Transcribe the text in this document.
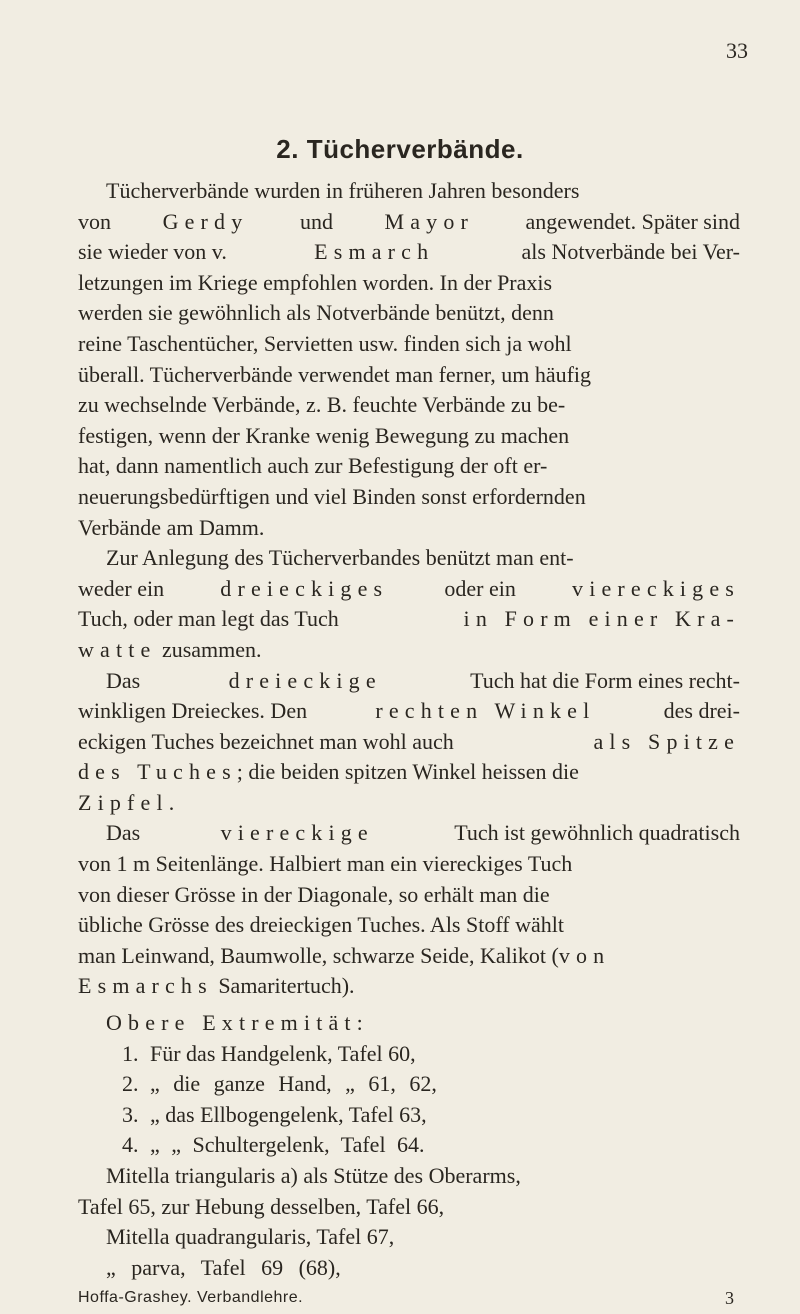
33
2. Tücherverbände.
Tücherverbände wurden in früheren Jahren besonders
von Gerdy und Mayor angewendet. Später sind
sie wieder von v.	Esmarch	als Notverbände bei Ver-
letzungen im Kriege empfohlen worden. In der Praxis
werden sie gewöhnlich als Notverbände benützt, denn
reine Taschentücher, Servietten usw. finden sich ja wohl
überall. Tücherverbände verwendet man ferner, um häufig
zu wechselnde Verbände, z. B. feuchte Verbände zu be-
festigen, wenn der Kranke wenig Bewegung zu machen
hat, dann namentlich auch zur Befestigung der oft er-
neuerungsbedürftigen und viel Binden sonst erfordernden
Verbände am Damm.
Zur Anlegung des Tücherverbandes benützt man ent-
weder ein	dreieckiges	oder ein	viereckiges
Tuch, oder man legt das Tuch	in Form einer Kra-
watte
zusammen.
Das	dreieckige	Tuch hat die Form eines recht-
winkligen Dreieckes. Den	rechten Winkel	des drei-
eckigen Tuches bezeichnet man wohl auch	als Spitze
des Tuches; die beiden spitzen Winkel heissen die
Zipfel .
Das	viereckige	Tuch ist gewöhnlich quadratisch
von 1 m Seitenlänge. Halbiert man ein viereckiges Tuch
von dieser Grösse in der Diagonale, so erhält man die
übliche Grösse des dreieckigen Tuches. Als Stoff wählt
man Leinwand, Baumwolle, schwarze Seide, Kalikot (von
Esmarchs
Samaritertuch).
Obere Extremität:
1. Für das Handgelenk, Tafel 60,
2. „ die ganze Hand, „ 61, 62,
3. „ das Ellbogengelenk, Tafel 63,
4. „ „ Schultergelenk, Tafel 64.
Mitella triangularis a) als Stütze des Oberarms,
Tafel 65, zur Hebung desselben, Tafel 66,
Mitella quadrangularis, Tafel 67,
„ parva, Tafel 69 (68),
Hoffa-Grashey. Verbandlehre.	3
